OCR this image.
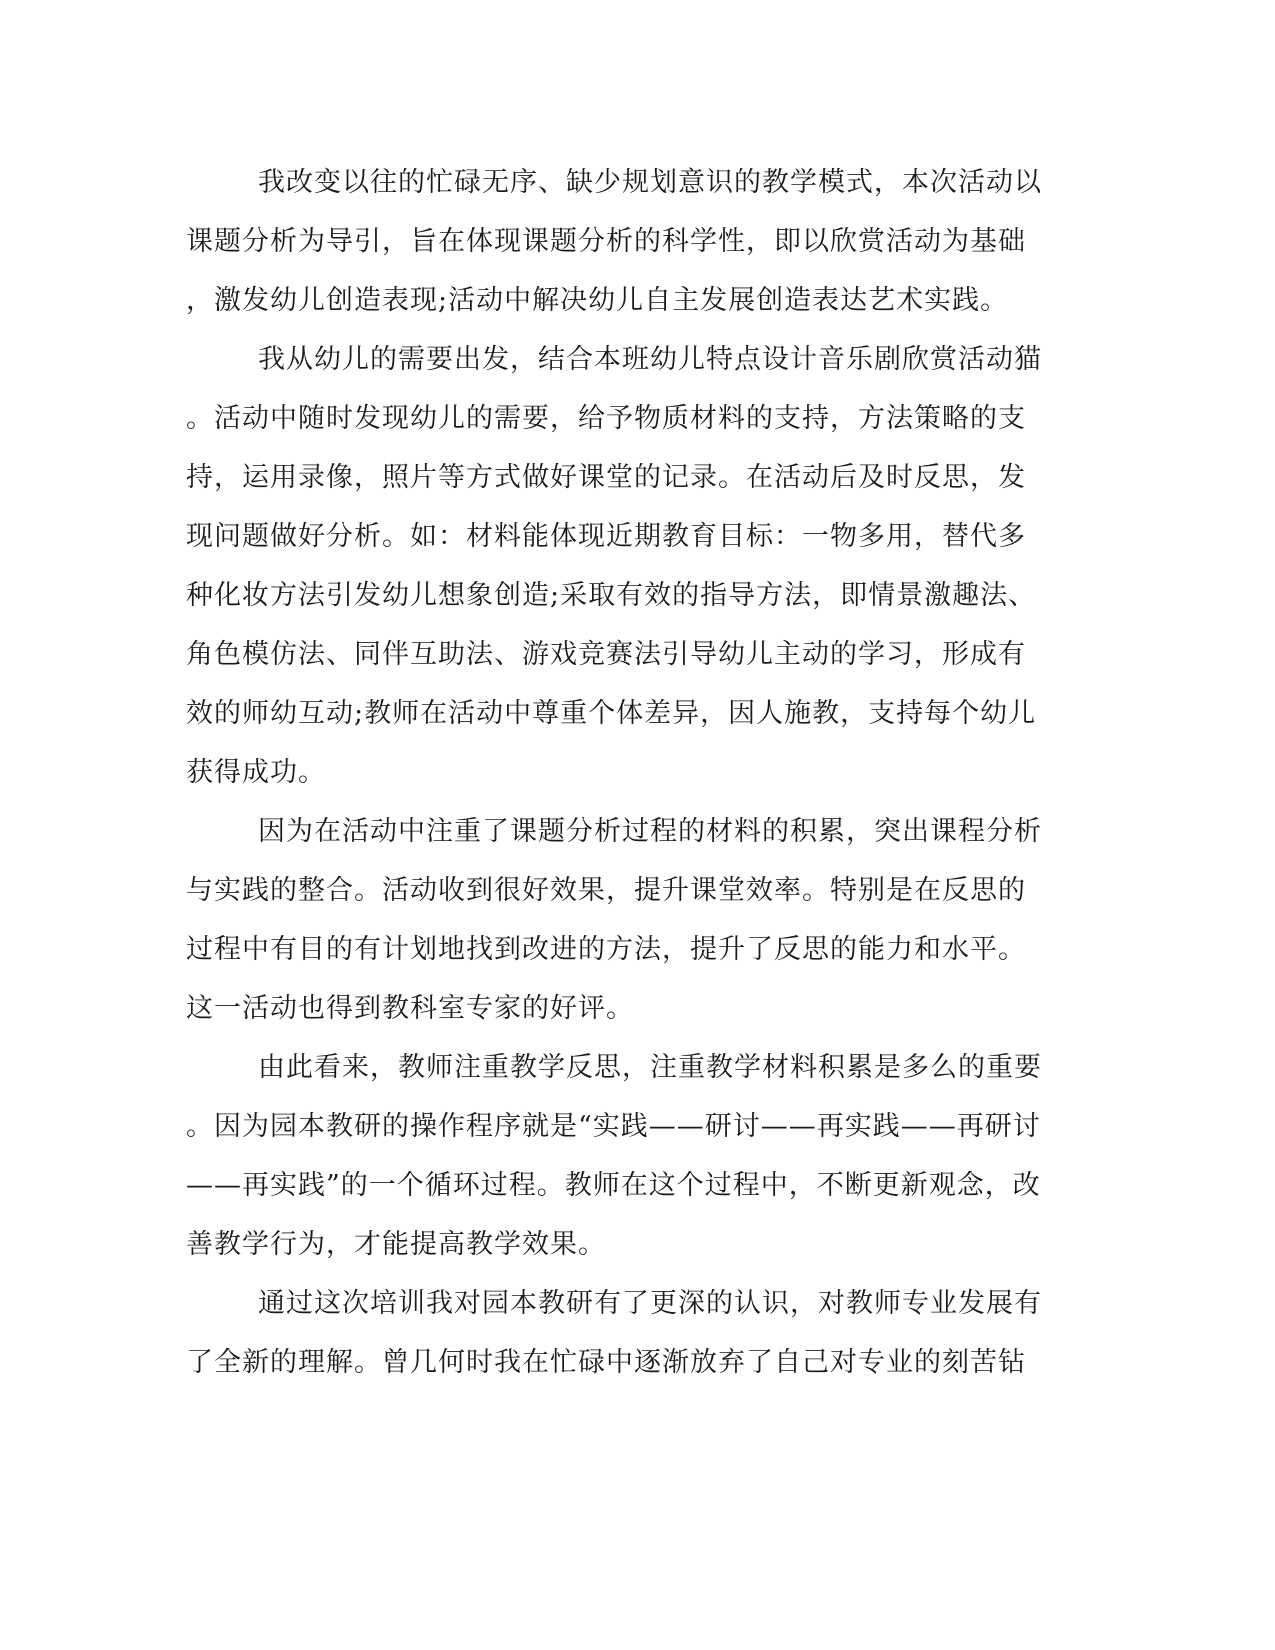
我改变以往的忙碌无序、缺少规划意识的教学模式，本次活动以
课题分析为导引，旨在体现课题分析的科学性，即以欣赏活动为基础
，激发幼儿创造表现;活动中解决幼儿自主发展创造表达艺术实践。
我从幼儿的需要出发，结合本班幼儿特点设计音乐剧欣赏活动猫
。活动中随时发现幼儿的需要，给予物质材料的支持，方法策略的支
持，运用录像，照片等方式做好课堂的记录。在活动后及时反思，发
现问题做好分析。如：材料能体现近期教育目标：一物多用，替代多
种化妆方法引发幼儿想象创造;采取有效的指导方法，即情景激趣法、
角色模仿法、同伴互助法、游戏竞赛法引导幼儿主动的学习，形成有
效的师幼互动;教师在活动中尊重个体差异，因人施教，支持每个幼儿
获得成功。
因为在活动中注重了课题分析过程的材料的积累，突出课程分析
与实践的整合。活动收到很好效果，提升课堂效率。特别是在反思的
过程中有目的有计划地找到改进的方法，提升了反思的能力和水平。
这一活动也得到教科室专家的好评。
由此看来，教师注重教学反思，注重教学材料积累是多么的重要
。因为园本教研的操作程序就是“实践——研讨——再实践——再研讨
——再实践”的一个循环过程。教师在这个过程中，不断更新观念，改
善教学行为，才能提高教学效果。
通过这次培训我对园本教研有了更深的认识，对教师专业发展有
了全新的理解。曾几何时我在忙碌中逐渐放弃了自己对专业的刻苦钻
